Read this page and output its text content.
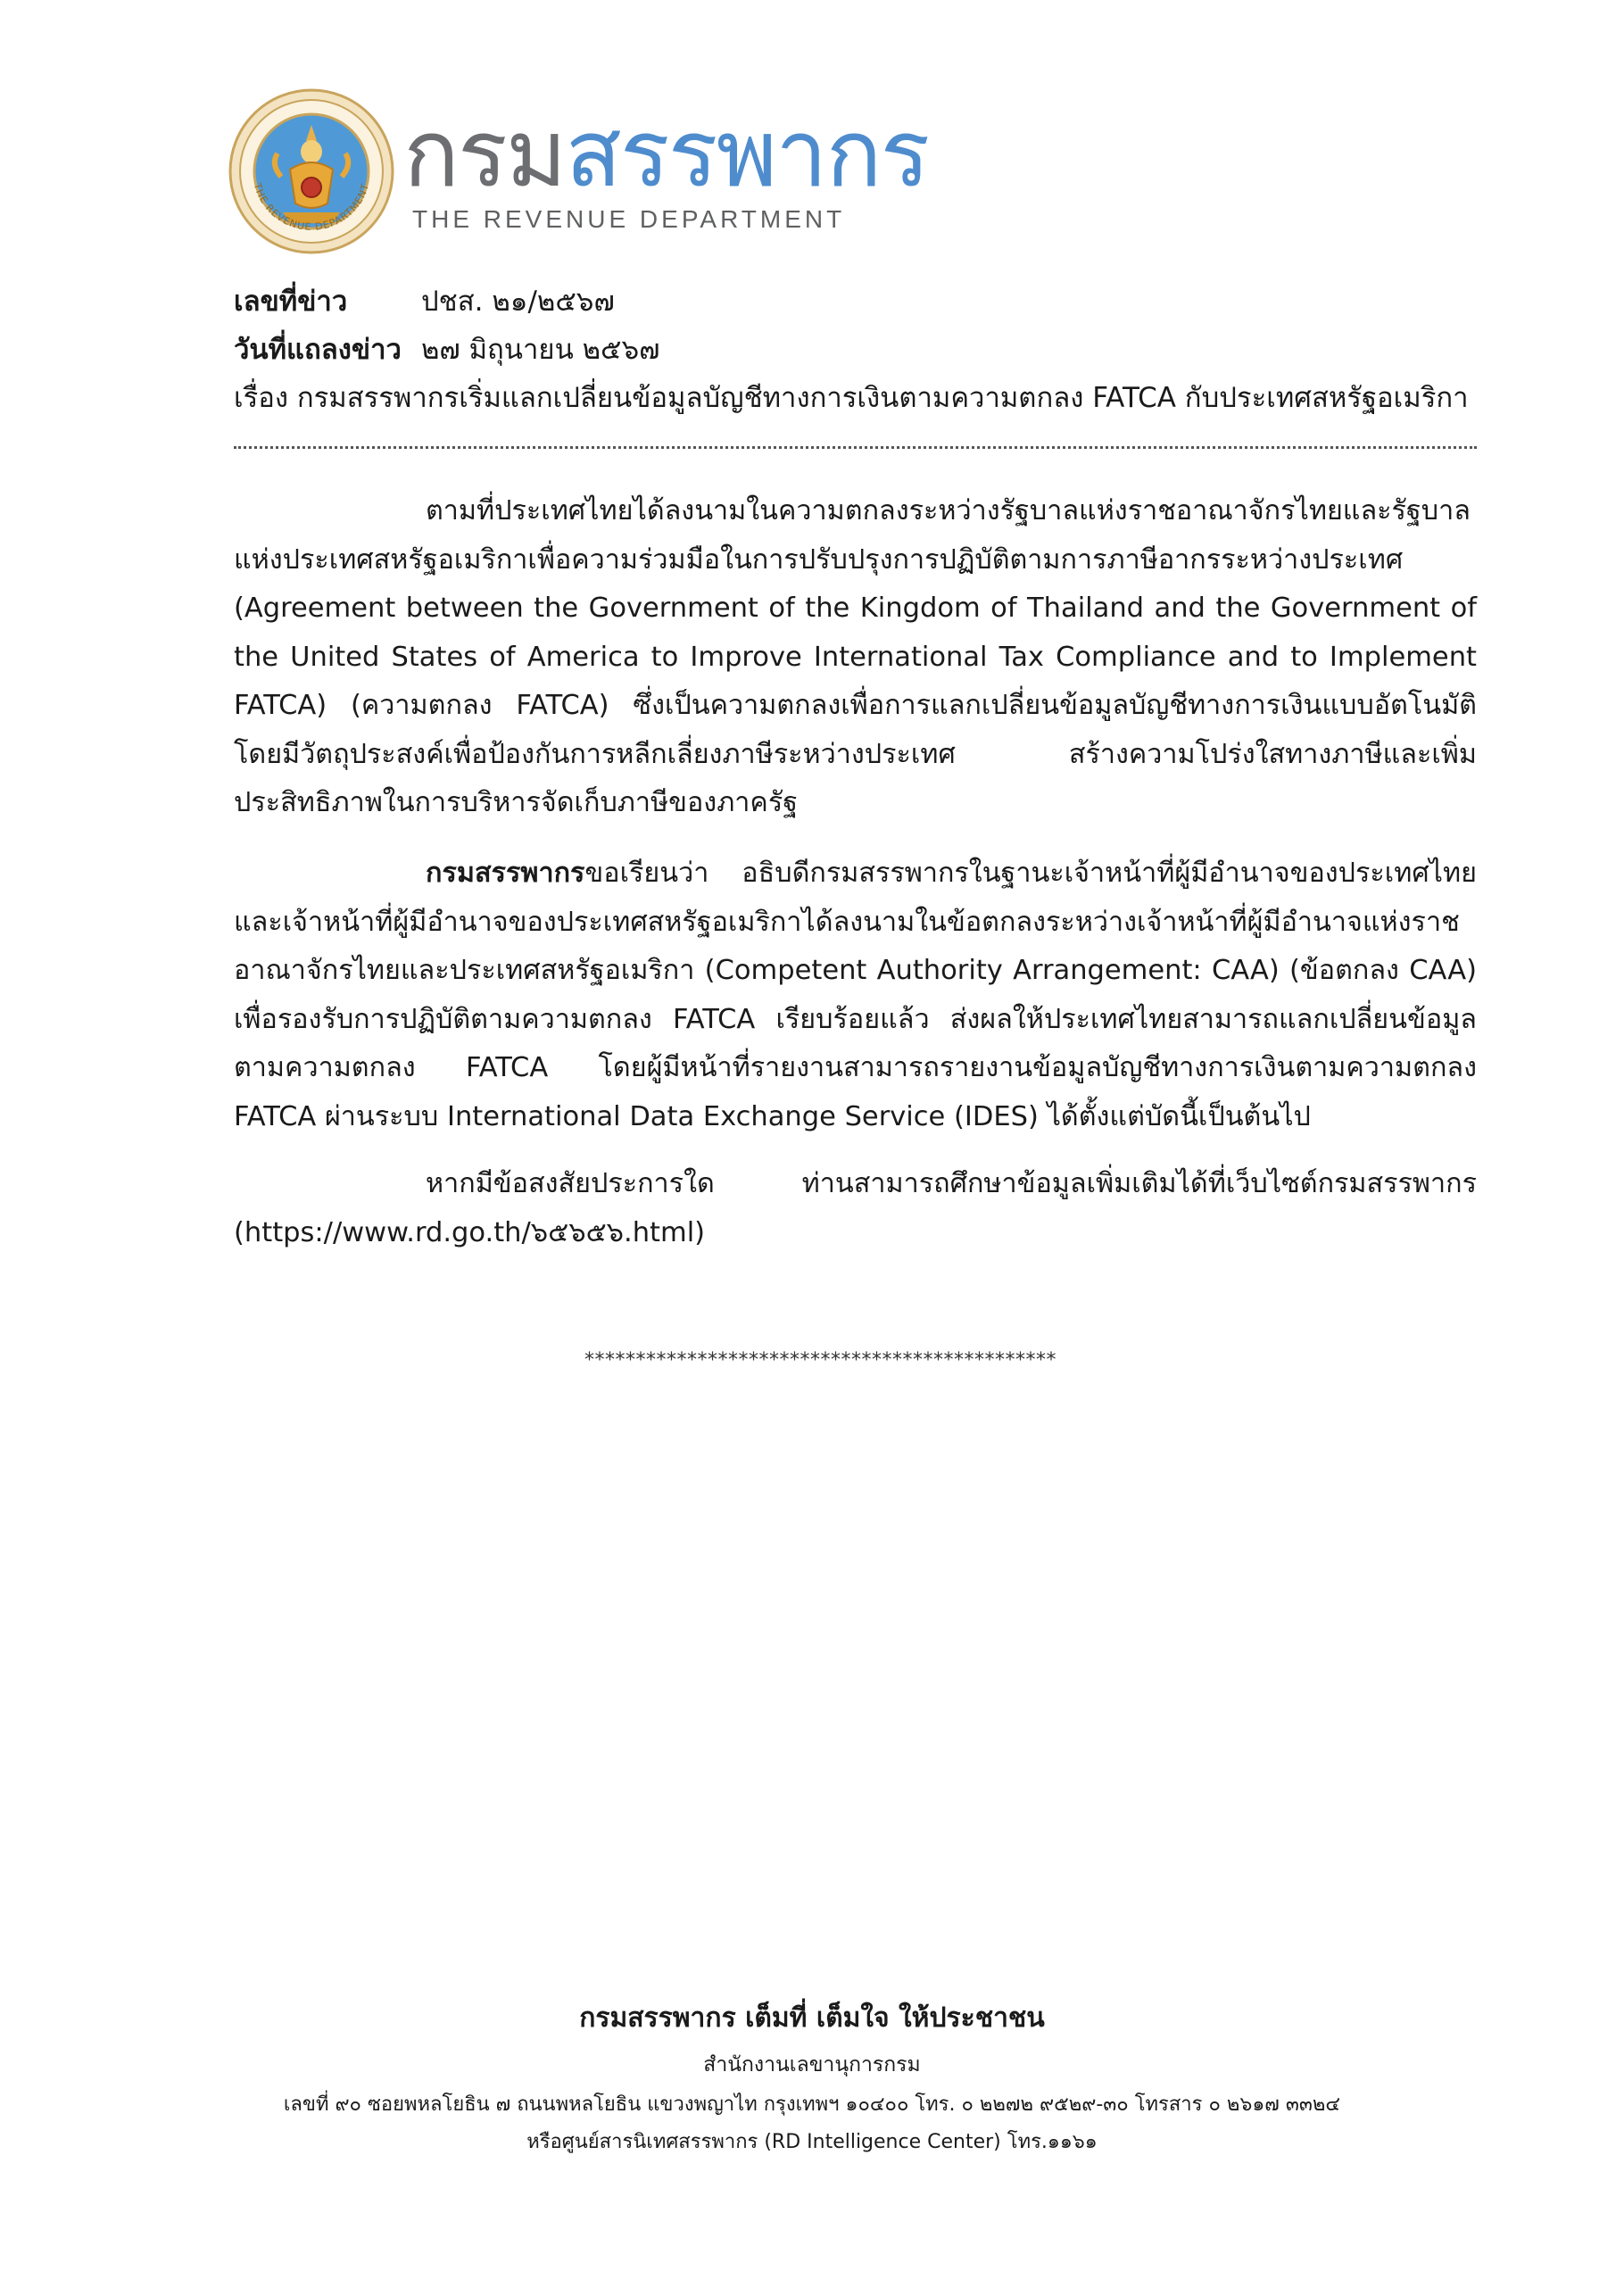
THE REVENUE DEPARTMENT กรมสรรพากร
THE REVENUE DEPARTMENT
เลขที่ข่าว	ปชส. ๒๑/๒๕๖๗
วันที่แถลงข่าว ๒๗ มิถุนายน ๒๕๖๗
เรื่อง กรมสรรพากรเริ่มแลกเปลี่ยนข้อมูลบัญชีทางการเงินตามความตกลง FATCA กับประเทศสหรัฐอเมริกา
ตามที่ประเทศไทยได้ลงนามในความตกลงระหว่างรัฐบาลแห่งราชอาณาจักรไทยและรัฐบาลแห่งประเทศสหรัฐอเมริกาเพื่อความร่วมมือในการปรับปรุงการปฏิบัติตามการภาษีอากรระหว่างประเทศ (Agreement between the Government of the Kingdom of Thailand and the Government of the United States of America to Improve International Tax Compliance and to Implement FATCA) (ความตกลง FATCA) ซึ่งเป็นความตกลงเพื่อการแลกเปลี่ยนข้อมูลบัญชีทางการเงินแบบอัตโนมัติ โดยมีวัตถุประสงค์เพื่อป้องกันการหลีกเลี่ยงภาษีระหว่างประเทศ สร้างความโปร่งใสทางภาษีและเพิ่มประสิทธิภาพในการบริหารจัดเก็บภาษีของภาครัฐ
กรมสรรพากรขอเรียนว่า อธิบดีกรมสรรพากรในฐานะเจ้าหน้าที่ผู้มีอำนาจของประเทศไทยและเจ้าหน้าที่ผู้มีอำนาจของประเทศสหรัฐอเมริกาได้ลงนามในข้อตกลงระหว่างเจ้าหน้าที่ผู้มีอำนาจแห่งราชอาณาจักรไทยและประเทศสหรัฐอเมริกา (Competent Authority Arrangement: CAA) (ข้อตกลง CAA) เพื่อรองรับการปฏิบัติตามความตกลง FATCA เรียบร้อยแล้ว ส่งผลให้ประเทศไทยสามารถแลกเปลี่ยนข้อมูลตามความตกลง FATCA โดยผู้มีหน้าที่รายงานสามารถรายงานข้อมูลบัญชีทางการเงินตามความตกลง FATCA ผ่านระบบ International Data Exchange Service (IDES) ได้ตั้งแต่บัดนี้เป็นต้นไป
หากมีข้อสงสัยประการใด ท่านสามารถศึกษาข้อมูลเพิ่มเติมได้ที่เว็บไซต์กรมสรรพากร (https://www.rd.go.th/๖๕๖๕๖.html)
**********************************************
กรมสรรพากร เต็มที่ เต็มใจ ให้ประชาชน
สำนักงานเลขานุการกรม
เลขที่ ๙๐ ซอยพหลโยธิน ๗ ถนนพหลโยธิน แขวงพญาไท กรุงเทพฯ ๑๐๔๐๐ โทร. ๐ ๒๒๗๒ ๙๕๒๙-๓๐ โทรสาร ๐ ๒๖๑๗ ๓๓๒๔
หรือศูนย์สารนิเทศสรรพากร (RD Intelligence Center) โทร.๑๑๖๑
